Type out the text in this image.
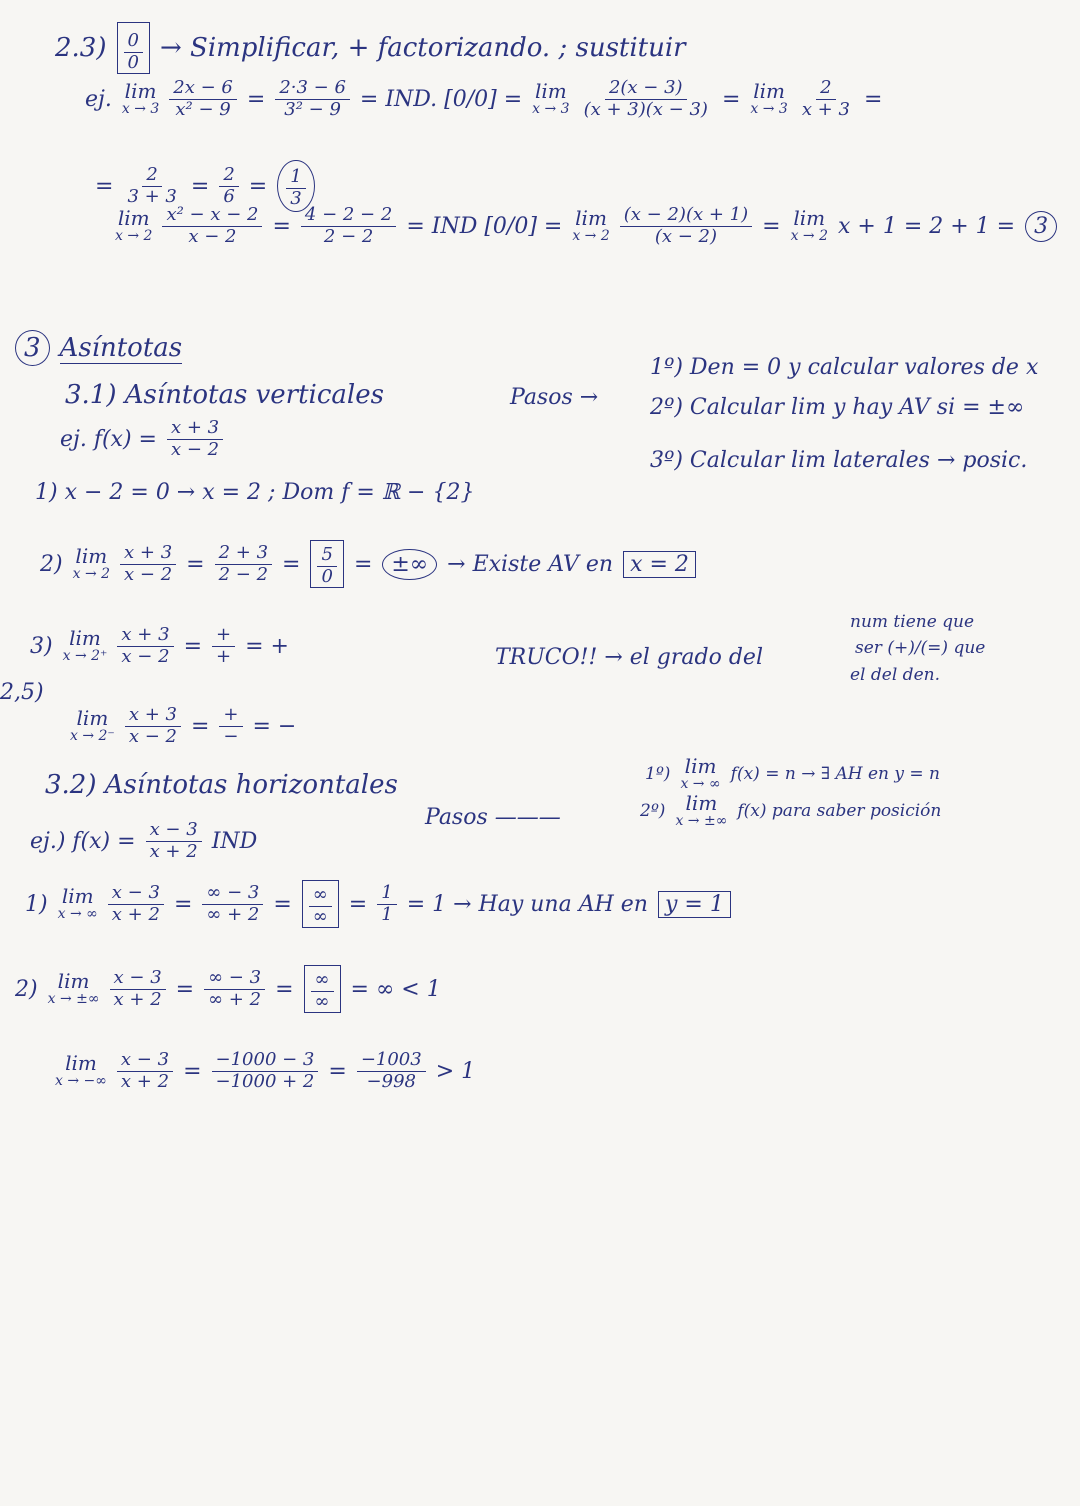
$2.3) \frac{0}{0}$ → Simplificar, + factorizando. ; sustituir
ej. lim
$x \to 3 \frac{2x - 6}{\text{x² − 9}} = \frac{2\cdot 3 - 6}{\text{3² − 9}}$ = IND. [0/0] = lim
$x \to 3 \frac{2(x - 3)}{(x + 3)(x - 3)} = \lim$
$x \to 3 \frac{2}{x + 3}$ =
= $\frac{2}{3 + 3} = \frac{2}{6} = \frac{1}{3}$
lim
$x \to 2 \frac{\text{x² − x − 2}}{x - 2} = \frac{4 - 2 - 2}{2 - 2}$ = IND [0/0] = lim
$x \to 2 \frac{(x - 2)(x + 1)}{(x - 2)} = \lim$
x → 2 x + 1 = 2 + 1 = 3
3 Asíntotas
3.1) Asíntotas verticales	Pasos →
1º) Den = 0 y calcular valores de x
2º) Calcular lim y hay AV si = ±∞
3º) Calcular lim laterales → posic.
ej. $f(x) = \frac{x + 3}{x - 2}$
1) x − 2 = 0 → x = 2 ; Dom f = ℝ − {2}
2) lim
$x \to 2 \frac{x + 3}{x - 2} = \frac{2 + 3}{2 - 2} = \frac{5}{0}$ = ±∞ → Existe AV en x = 2
3) lim
$x \to 2^+ \frac{x + 3}{x - 2}$ = +
+ = +
2,5)
lim
$x \to 2^- \frac{x + 3}{x - 2}$ = +
− = −
TRUCO!! → el grado del
num tiene que
ser (+)/(=) que
el del den.
3.2) Asíntotas horizontales
Pasos ———
1º) lim
x → ∞
f(x) = n → ∃ AH en y = n
2º) lim
x → ±∞
f(x) para saber posición
ej.) $f(x) = \frac{x - 3}{x + 2}$ IND
1) lim
x → ∞ $\frac{x - 3}{x + 2} = \frac{\infty - 3}{\infty + 2}$ = ∞
∞ = $\frac{1}{1} = 1$ → Hay una AH en y = 1
2) lim
x → ±∞ $\frac{x - 3}{x + 2} = \frac{\infty - 3}{\infty + 2}$ = ∞
∞ = ∞ < 1
lim
x → −∞ $\frac{x - 3}{x + 2} = \frac{-1000 - 3}{-1000 + 2} = \frac{-1003}{-998} > 1$
